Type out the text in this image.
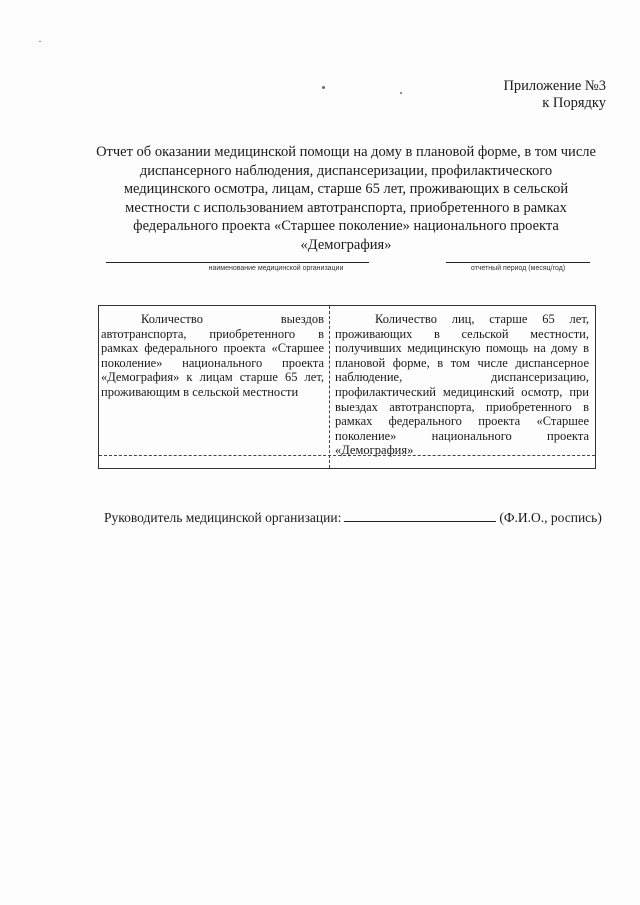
Приложение №3
к Порядку
Отчет об оказании медицинской помощи на дому в плановой форме, в том числе диспансерного наблюдения, диспансеризации, профилактического медицинского осмотра, лицам, старше 65 лет, проживающих в сельской местности с использованием автотранспорта, приобретенного в рамках федерального проекта «Старшее поколение» национального проекта «Демография»
наименование медицинской организации	отчетный период (месяц/год)
Количество выездов автотранспорта, приобретенного в рамках федерального проекта «Старшее поколение» национального проекта «Демография» к лицам старше 65 лет, проживающим в сельской местности
Количество лиц, старше 65 лет, проживающих в сельской местности, получивших медицинскую помощь на дому в плановой форме, в том числе диспансерное наблюдение, диспансеризацию, профилактический медицинский осмотр, при выездах автотранспорта, приобретенного в рамках федерального проекта «Старшее поколение» национального проекта «Демография»
Руководитель медицинской организации:	(Ф.И.О., роспись)
